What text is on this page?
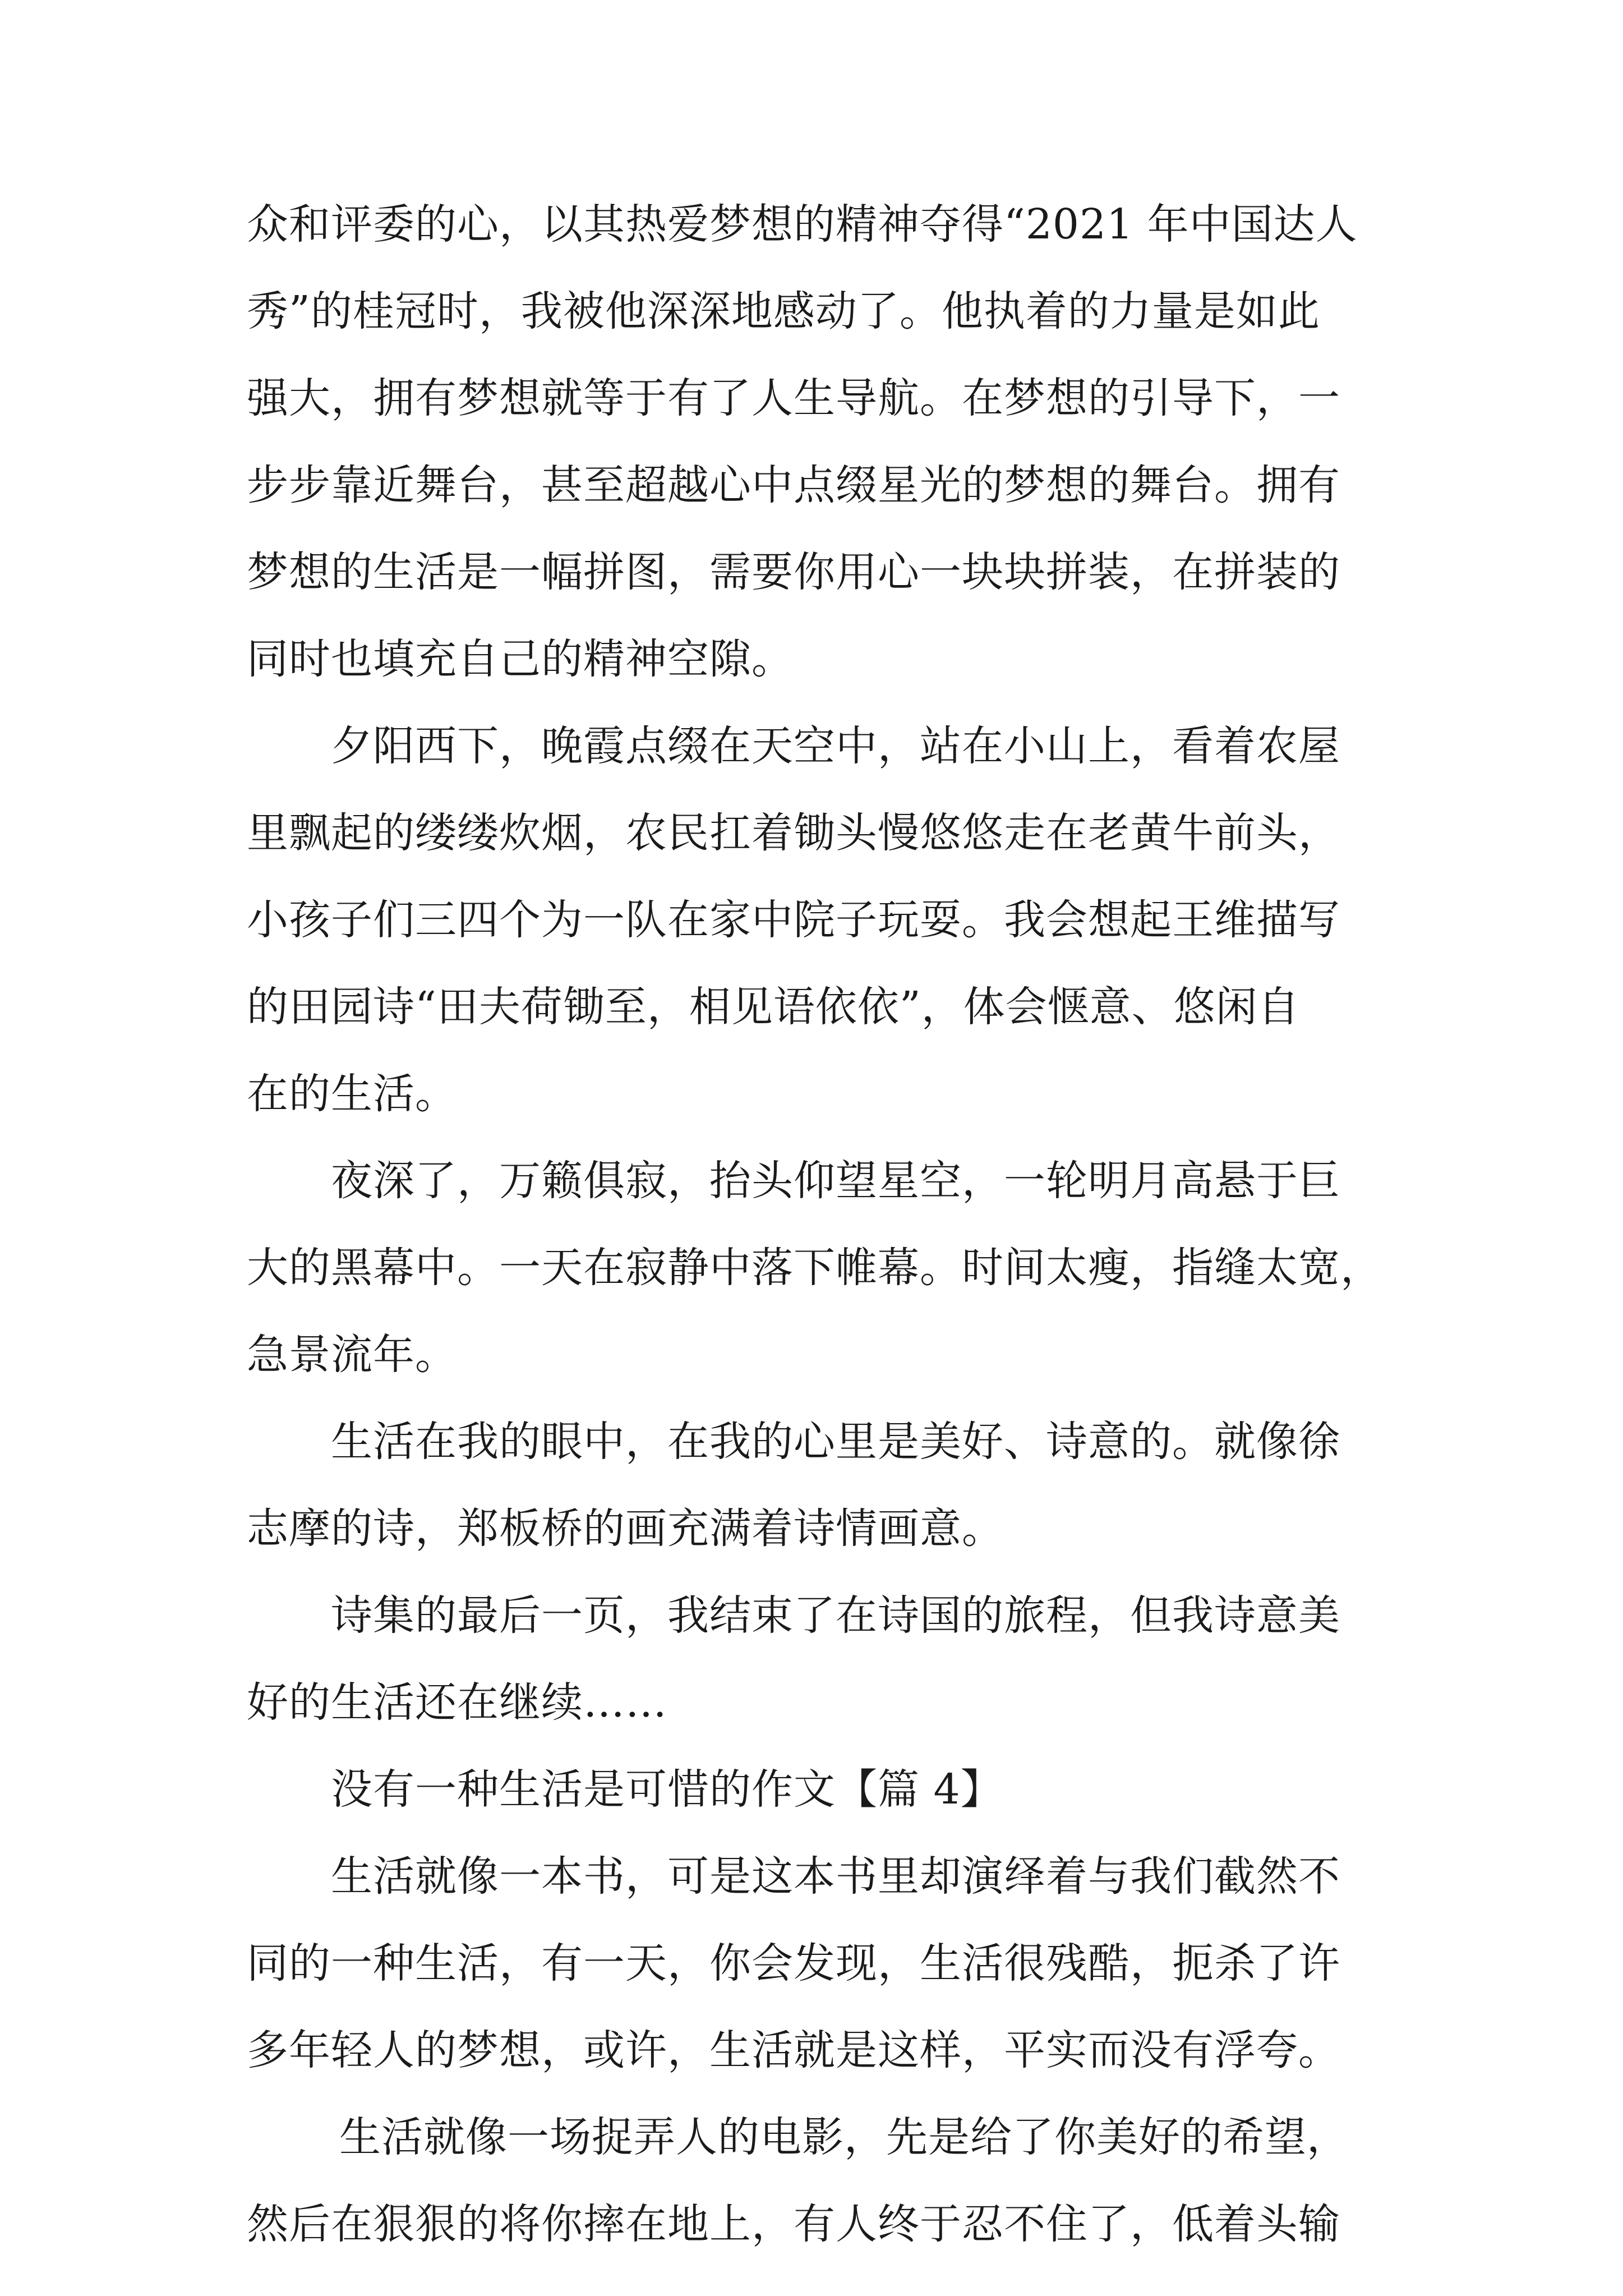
众和评委的心，以其热爱梦想的精神夺得“2021 年中国达人
秀”的桂冠时，我被他深深地感动了。他执着的力量是如此
强大，拥有梦想就等于有了人生导航。在梦想的引导下，一
步步靠近舞台，甚至超越心中点缀星光的梦想的舞台。拥有
梦想的生活是一幅拼图，需要你用心一块块拼装，在拼装的
同时也填充自己的精神空隙。
夕阳西下，晚霞点缀在天空中，站在小山上，看着农屋
里飘起的缕缕炊烟，农民扛着锄头慢悠悠走在老黄牛前头，
小孩子们三四个为一队在家中院子玩耍。我会想起王维描写
的田园诗“田夫荷锄至，相见语依依”，体会惬意、悠闲自
在的生活。
夜深了，万籁俱寂，抬头仰望星空，一轮明月高悬于巨
大的黑幕中。一天在寂静中落下帷幕。时间太瘦，指缝太宽，
急景流年。
生活在我的眼中，在我的心里是美好、诗意的。就像徐
志摩的诗，郑板桥的画充满着诗情画意。
诗集的最后一页，我结束了在诗国的旅程，但我诗意美
好的生活还在继续……
没有一种生活是可惜的作文【篇 4】
生活就像一本书，可是这本书里却演绎着与我们截然不
同的一种生活，有一天，你会发现，生活很残酷，扼杀了许
多年轻人的梦想，或许，生活就是这样，平实而没有浮夸。
生活就像一场捉弄人的电影，先是给了你美好的希望，
然后在狠狠的将你摔在地上，有人终于忍不住了，低着头输
